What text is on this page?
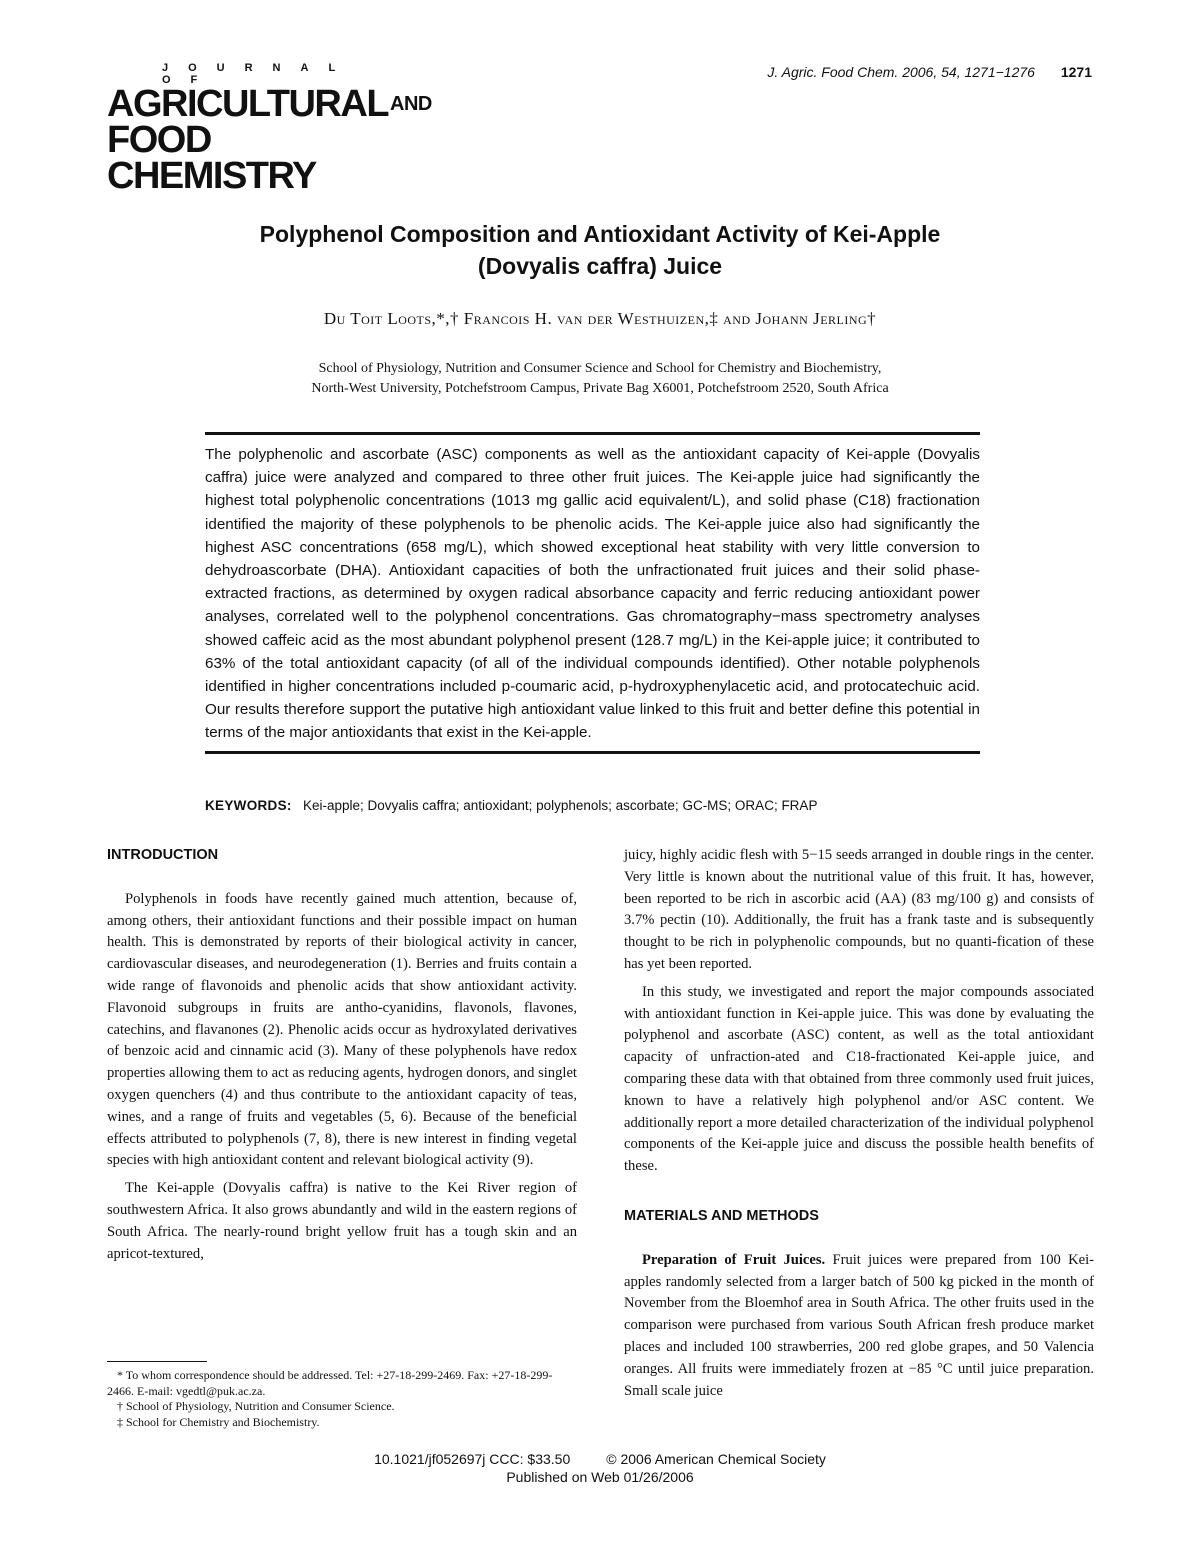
JOURNAL OF
AGRICULTURAL AND
FOOD CHEMISTRY
J. Agric. Food Chem. 2006, 54, 1271−1276 1271
Polyphenol Composition and Antioxidant Activity of Kei-Apple
(Dovyalis caffra) Juice
Du Toit Loots,*,† Francois H. van der Westhuizen,‡ and Johann Jerling†
School of Physiology, Nutrition and Consumer Science and School for Chemistry and Biochemistry,
North-West University, Potchefstroom Campus, Private Bag X6001, Potchefstroom 2520, South Africa

The polyphenolic and ascorbate (ASC) components as well as the antioxidant capacity of Kei-apple (Dovyalis caffra) juice were analyzed and compared to three other fruit juices. The Kei-apple juice had significantly the highest total polyphenolic concentrations (1013 mg gallic acid equivalent/L), and solid phase (C18) fractionation identified the majority of these polyphenols to be phenolic acids. The Kei-apple juice also had significantly the highest ASC concentrations (658 mg/L), which showed exceptional heat stability with very little conversion to dehydroascorbate (DHA). Antioxidant capacities of both the unfractionated fruit juices and their solid phase-extracted fractions, as determined by oxygen radical absorbance capacity and ferric reducing antioxidant power analyses, correlated well to the polyphenol concentrations. Gas chromatography−mass spectrometry analyses showed caffeic acid as the most abundant polyphenol present (128.7 mg/L) in the Kei-apple juice; it contributed to 63% of the total antioxidant capacity (of all of the individual compounds identified). Other notable polyphenols identified in higher concentrations included p-coumaric acid, p-hydroxyphenylacetic acid, and protocatechuic acid. Our results therefore support the putative high antioxidant value linked to this fruit and better define this potential in terms of the major antioxidants that exist in the Kei-apple.

KEYWORDS: Kei-apple; Dovyalis caffra; antioxidant; polyphenols; ascorbate; GC-MS; ORAC; FRAP
INTRODUCTION

Polyphenols in foods have recently gained much attention, because of, among others, their antioxidant functions and their possible impact on human health. This is demonstrated by reports of their biological activity in cancer, cardiovascular diseases, and neurodegeneration (1). Berries and fruits contain a wide range of flavonoids and phenolic acids that show antioxidant activity. Flavonoid subgroups in fruits are antho-cyanidins, flavonols, flavones, catechins, and flavanones (2). Phenolic acids occur as hydroxylated derivatives of benzoic acid and cinnamic acid (3). Many of these polyphenols have redox properties allowing them to act as reducing agents, hydrogen donors, and singlet oxygen quenchers (4) and thus contribute to the antioxidant capacity of teas, wines, and a range of fruits and vegetables (5, 6). Because of the beneficial effects attributed to polyphenols (7, 8), there is new interest in finding vegetal species with high antioxidant content and relevant biological activity (9).

The Kei-apple (Dovyalis caffra) is native to the Kei River region of southwestern Africa. It also grows abundantly and wild in the eastern regions of South Africa. The nearly-round bright yellow fruit has a tough skin and an apricot-textured,

juicy, highly acidic flesh with 5−15 seeds arranged in double rings in the center. Very little is known about the nutritional value of this fruit. It has, however, been reported to be rich in ascorbic acid (AA) (83 mg/100 g) and consists of 3.7% pectin (10). Additionally, the fruit has a frank taste and is subsequently thought to be rich in polyphenolic compounds, but no quanti-fication of these has yet been reported.

In this study, we investigated and report the major compounds associated with antioxidant function in Kei-apple juice. This was done by evaluating the polyphenol and ascorbate (ASC) content, as well as the total antioxidant capacity of unfraction-ated and C18-fractionated Kei-apple juice, and comparing these data with that obtained from three commonly used fruit juices, known to have a relatively high polyphenol and/or ASC content. We additionally report a more detailed characterization of the individual polyphenol components of the Kei-apple juice and discuss the possible health benefits of these.

MATERIALS AND METHODS

Preparation of Fruit Juices. Fruit juices were prepared from 100 Kei-apples randomly selected from a larger batch of 500 kg picked in the month of November from the Bloemhof area in South Africa. The other fruits used in the comparison were purchased from various South African fresh produce market places and included 100 strawberries, 200 red globe grapes, and 50 Valencia oranges. All fruits were immediately frozen at −85 °C until juice preparation. Small scale juice

* To whom correspondence should be addressed. Tel: +27-18-299-2469. Fax: +27-18-299-2466. E-mail: vgedtl@puk.ac.za.
† School of Physiology, Nutrition and Consumer Science.
‡ School for Chemistry and Biochemistry.
10.1021/jf052697j CCC: $33.50	© 2006 American Chemical Society
Published on Web 01/26/2006
